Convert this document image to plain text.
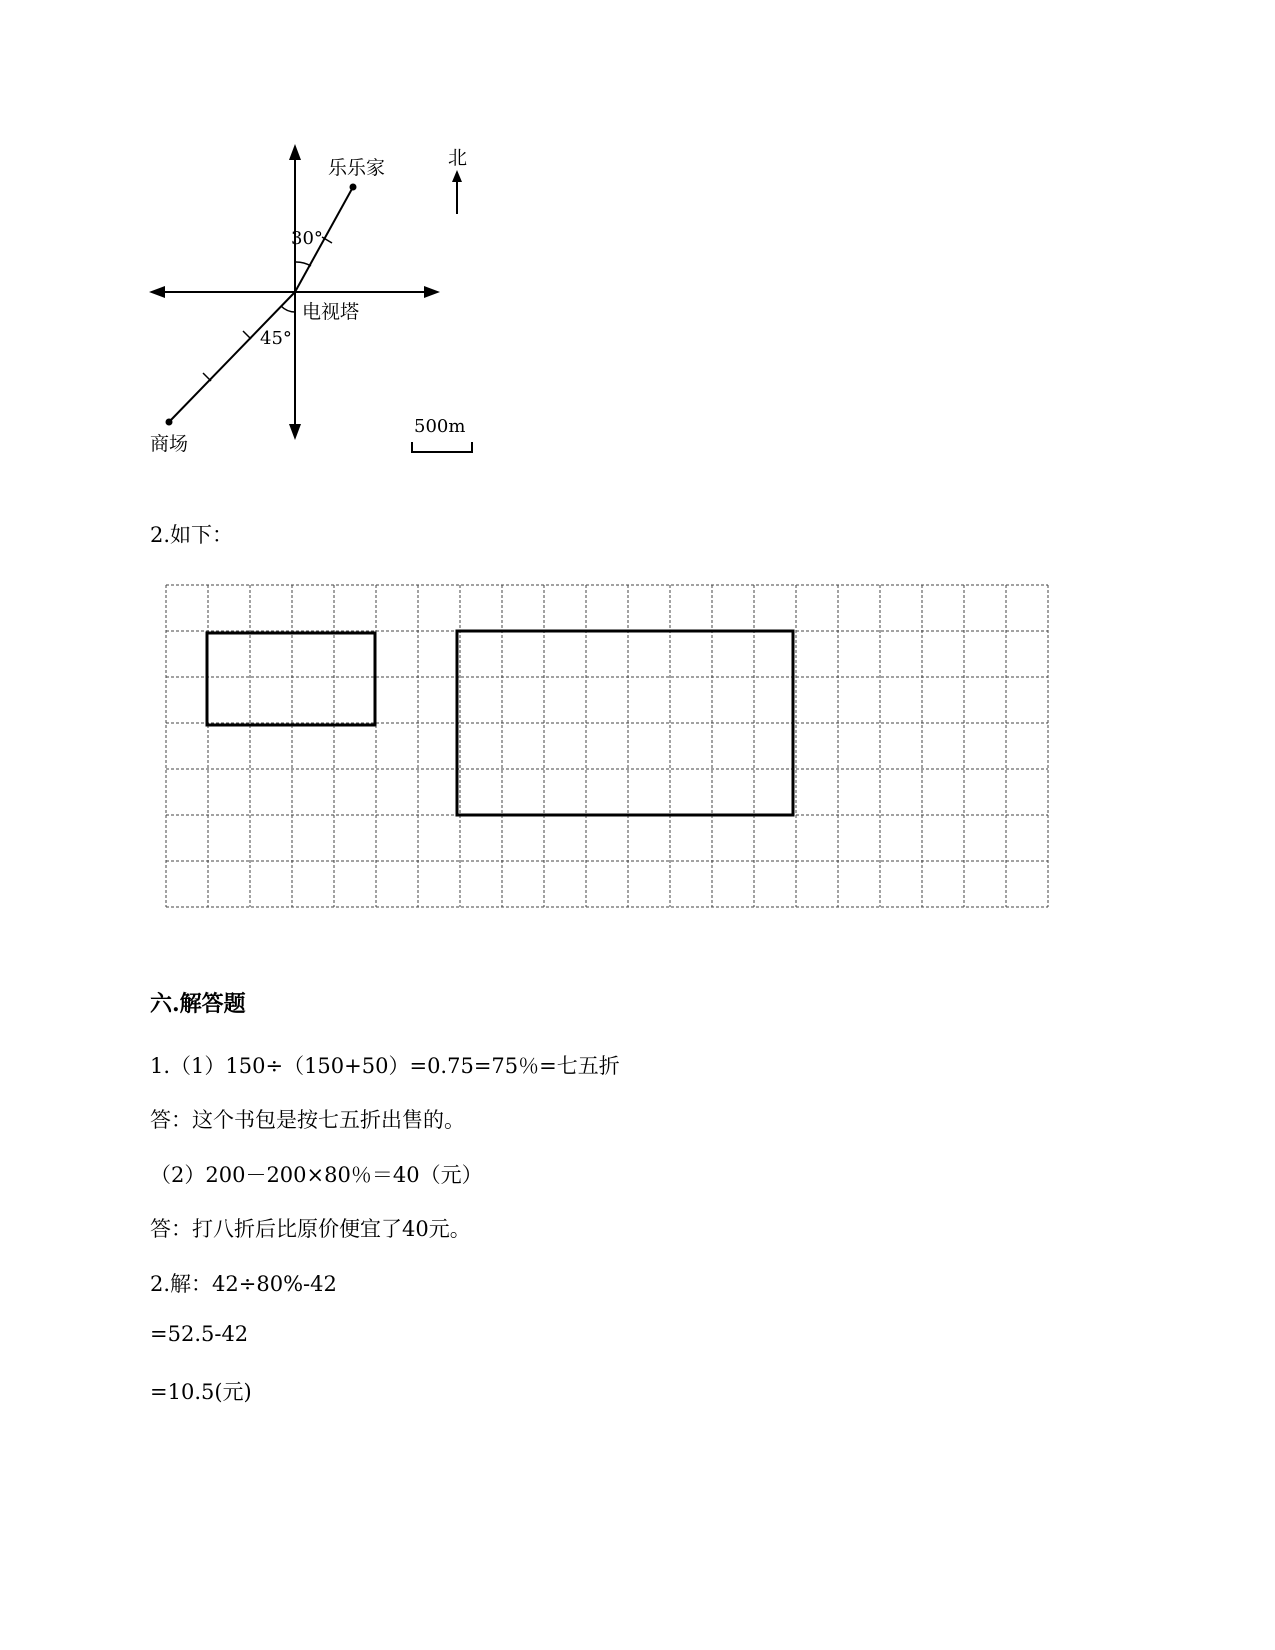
乐乐家
30°
电视塔
45°
商场
北
500m
2.如下：
六.解答题
1.（1）150÷（150+50）=0.75=75％=七五折
答：这个书包是按七五折出售的。
（2）200－200×80％＝40（元）
答：打八折后比原价便宜了40元。
2.解：42÷80%-42
=52.5-42
=10.5(元)
